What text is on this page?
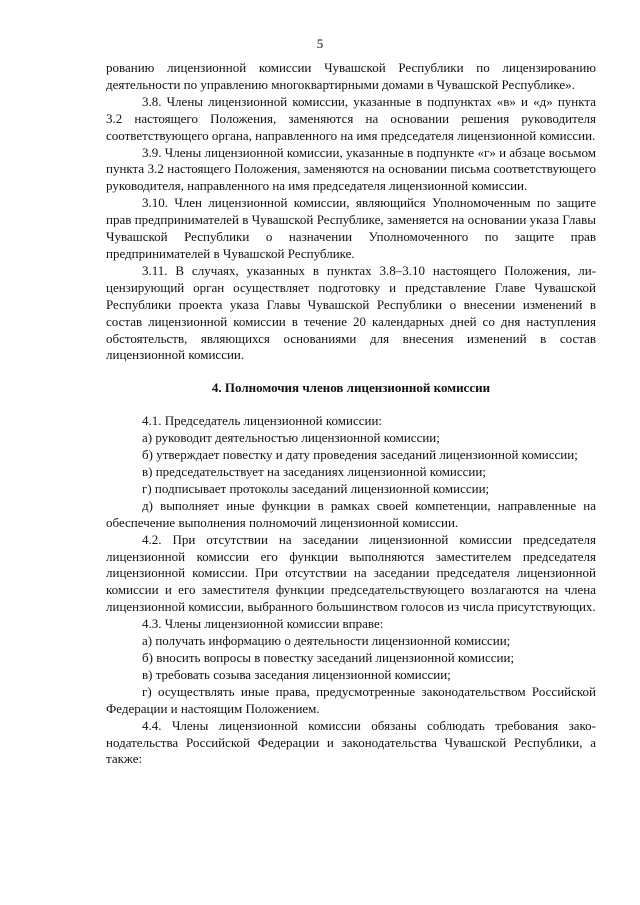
5

рованию лицензионной комиссии Чувашской Республики по лицензированию деятельности по управлению многоквартирными домами в Чувашской Республике».

3.8. Члены лицензионной комиссии, указанные в подпунктах «в» и «д» пункта 3.2 настоящего Положения, заменяются на основании решения руководителя соответствующего органа, направленного на имя председателя лицензионной комиссии.

3.9. Члены лицензионной комиссии, указанные в подпункте «г» и абзаце восьмом пункта 3.2 настоящего Положения, заменяются на основании письма соответствующего руководителя, направленного на имя председателя лицензионной комиссии.

3.10. Член лицензионной комиссии, являющийся Уполномоченным по защите прав предпринимателей в Чувашской Республике, заменяется на основании указа Главы Чувашской Республики о назначении Уполномоченного по защите прав предпринимателей в Чувашской Республике.

3.11. В случаях, указанных в пунктах 3.8–3.10 настоящего Положения, лицензирующий орган осуществляет подготовку и представление Главе Чувашской Республики проекта указа Главы Чувашской Республики о внесении изменений в состав лицензионной комиссии в течение 20 календарных дней со дня наступления обстоятельств, являющихся основаниями для внесения изменений в состав лицензионной комиссии.

4. Полномочия членов лицензионной комиссии

4.1. Председатель лицензионной комиссии:

а) руководит деятельностью лицензионной комиссии;

б) утверждает повестку и дату проведения заседаний лицензионной комиссии;

в) председательствует на заседаниях лицензионной комиссии;

г) подписывает протоколы заседаний лицензионной комиссии;

д) выполняет иные функции в рамках своей компетенции, направленные на обеспечение выполнения полномочий лицензионной комиссии.

4.2. При отсутствии на заседании лицензионной комиссии председателя лицензионной комиссии его функции выполняются заместителем председателя лицензионной комиссии. При отсутствии на заседании председателя лицензионной комиссии и его заместителя функции председательствующего возлагаются на члена лицензионной комиссии, выбранного большинством голосов из числа присутствующих.

4.3. Члены лицензионной комиссии вправе:

а) получать информацию о деятельности лицензионной комиссии;

б) вносить вопросы в повестку заседаний лицензионной комиссии;

в) требовать созыва заседания лицензионной комиссии;

г) осуществлять иные права, предусмотренные законодательством Российской Федерации и настоящим Положением.

4.4. Члены лицензионной комиссии обязаны соблюдать требования законодательства Российской Федерации и законодательства Чувашской Республики, а также:
